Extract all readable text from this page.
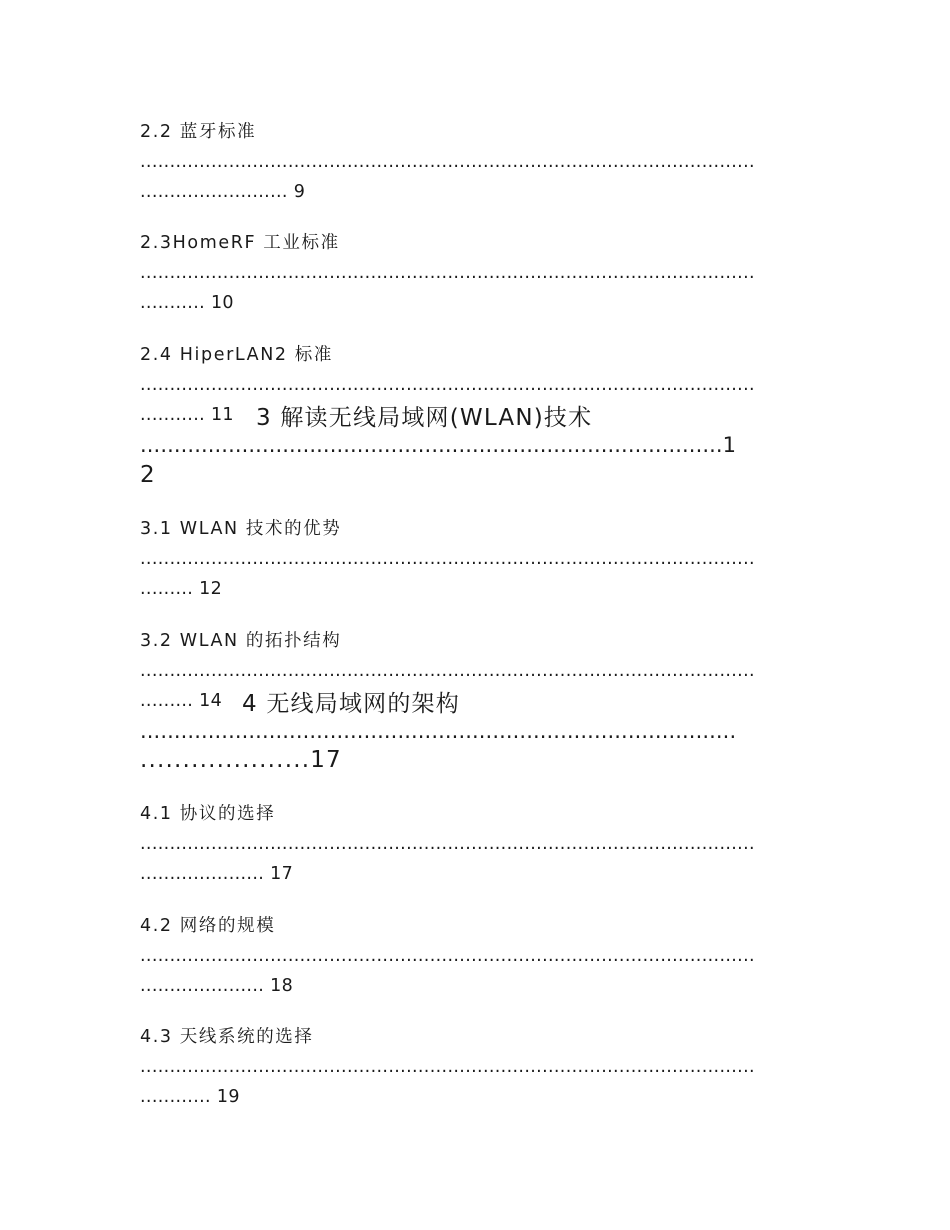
2.2 蓝牙标准
........................................................................................................
......................... 9
2.3HomeRF 工业标准
........................................................................................................
........... 10
2.4 HiperLAN2 标准
........................................................................................................
........... 11 3 解读无线局域网(WLAN)技术
......................................................................................1
2
3.1 WLAN 技术的优势
........................................................................................................
......... 12
3.2 WLAN 的拓扑结构
........................................................................................................
......... 14 4 无线局域网的架构
........................................................................................
....................17
4.1 协议的选择
........................................................................................................
..................... 17
4.2 网络的规模
........................................................................................................
..................... 18
4.3 天线系统的选择
........................................................................................................
............ 19
